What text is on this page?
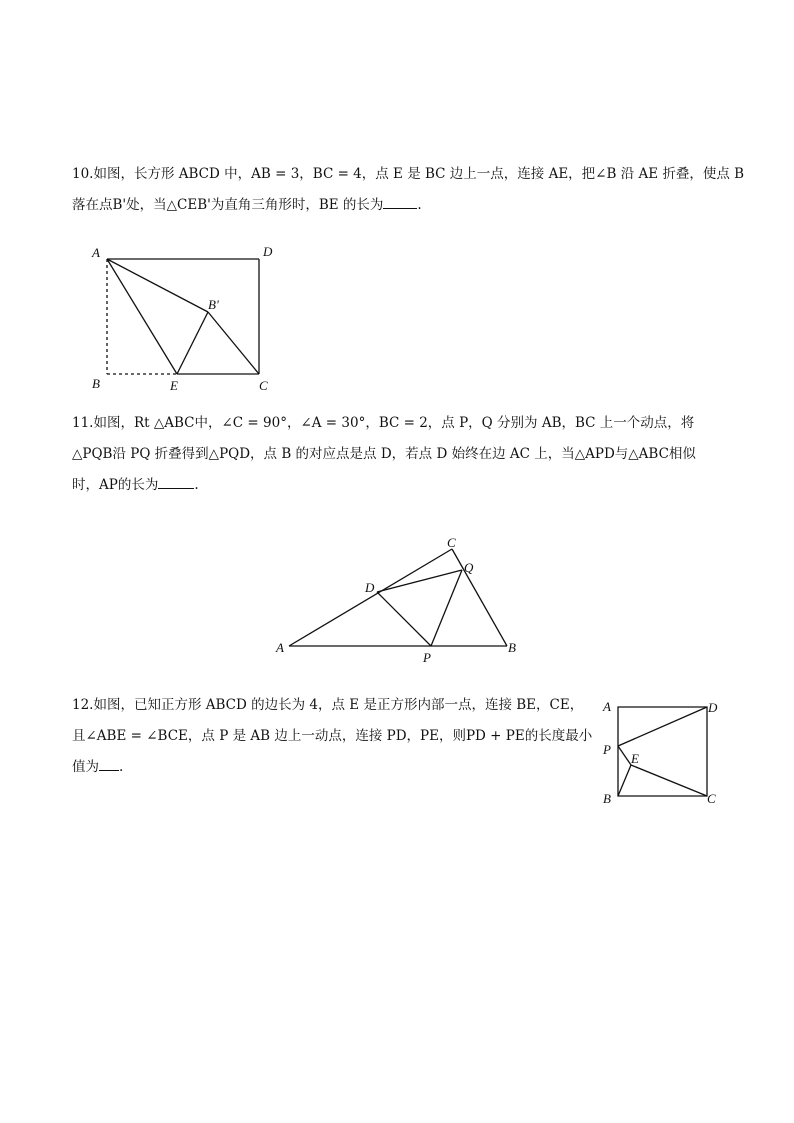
10.如图，长方形 ABCD 中，AB = 3，BC = 4，点 E 是 BC 边上一点，连接 AE，把∠B 沿 AE 折叠，使点 B
落在点B'处，当△CEB'为直角三角形时，BE 的长为	.
A	D
B'
B	E	C
11.如图，Rt △ABC中，∠C = 90°，∠A = 30°，BC = 2，点 P，Q 分别为 AB，BC 上一个动点，将
△PQB沿 PQ 折叠得到△PQD，点 B 的对应点是点 D，若点 D 始终在边 AC 上，当△APD与△ABC相似
时，AP的长为	.
A	B
C
D
Q
P
12.如图，已知正方形 ABCD 的边长为 4，点 E 是正方形内部一点，连接 BE，CE，
且∠ABE = ∠BCE，点 P 是 AB 边上一动点，连接 PD，PE，则PD + PE的长度最小
值为 .
A	D
P
E
B	C
